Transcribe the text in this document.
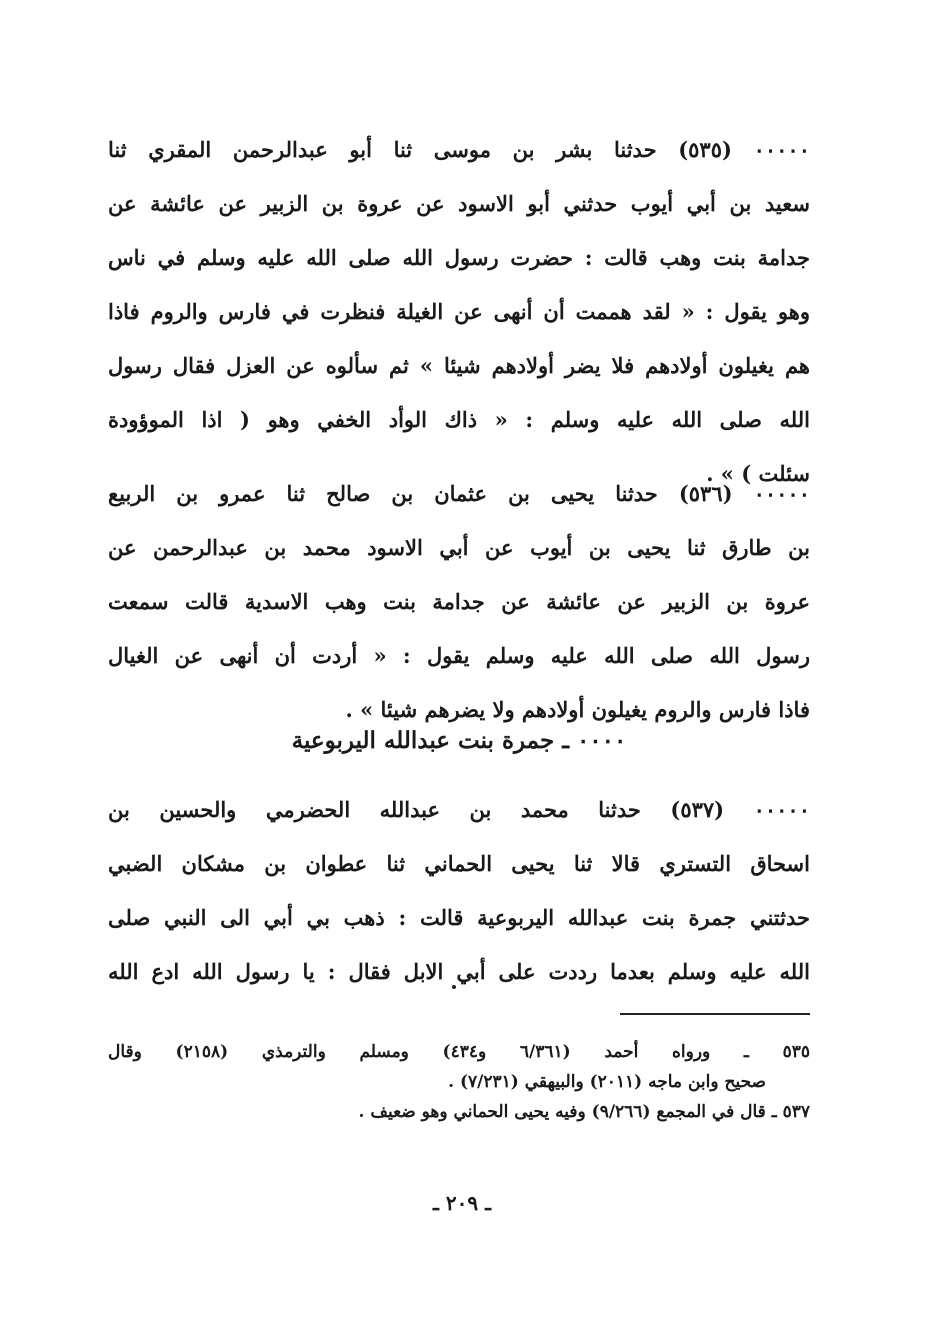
٠٠٠٠٠ (٥٣٥) حدثنا بشر بن موسى ثنا أبو عبدالرحمن المقري ثنا
سعيد بن أبي أيوب حدثني أبو الاسود عن عروة بن الزبير عن عائشة عن
جدامة بنت وهب قالت : حضرت رسول الله صلى الله عليه وسلم في ناس
وهو يقول : « لقد هممت أن أنهى عن الغيلة فنظرت في فارس والروم فاذا
هم يغيلون أولادهم فلا يضر أولادهم شيئا » ثم سألوه عن العزل فقال رسول
الله صلى الله عليه وسلم : « ذاك الوأد الخفي وهو ( اذا الموؤودة
سئلت ) » .
٠٠٠٠٠ (٥٣٦) حدثنا يحيى بن عثمان بن صالح ثنا عمرو بن الربيع
بن طارق ثنا يحيى بن أيوب عن أبي الاسود محمد بن عبدالرحمن عن
عروة بن الزبير عن عائشة عن جدامة بنت وهب الاسدية قالت سمعت
رسول الله صلى الله عليه وسلم يقول : « أردت أن أنهى عن الغيال
فاذا فارس والروم يغيلون أولادهم ولا يضرهم شيئا » .
٠٠٠٠ ـ جمرة بنت عبدالله اليربوعية
٠٠٠٠٠ (٥٣٧) حدثنا محمد بن عبدالله الحضرمي والحسين بن
اسحاق التستري قالا ثنا يحيى الحماني ثنا عطوان بن مشكان الضبي
حدثتني جمرة بنت عبدالله اليربوعية قالت : ذهب بي أبي الى النبي صلى
الله عليه وسلم بعدما رددت على أبي الابل فقال : يا رسول الله ادع الله
٥٣٥ ـ ورواه أحمد (٦/٣٦١ و٤٣٤) ومسلم والترمذي (٢١٥٨) وقال
صحيح وابن ماجه (٢٠١١) والبيهقي (٧/٢٣١) .
٥٣٧ ـ قال في المجمع (٩/٢٦٦) وفيه يحيى الحماني وهو ضعيف .
ـ ٢٠٩ ـ
